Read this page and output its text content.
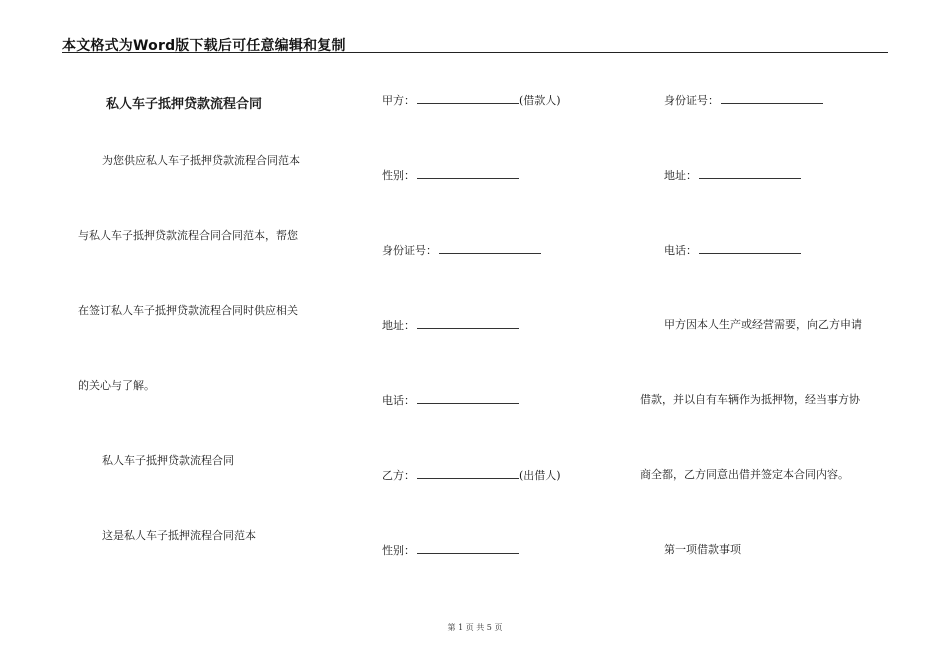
本文格式为Word版下载后可任意编辑和复制
私人车子抵押贷款流程合同
为您供应私人车子抵押贷款流程合同范本
与私人车子抵押贷款流程合同合同范本，帮您
在签订私人车子抵押贷款流程合同时供应相关
的关心与了解。
私人车子抵押贷款流程合同
这是私人车子抵押流程合同范本
甲方：	(借款人)
性别：
身份证号：
地址：
电话：
乙方：	(出借人)
性别：
身份证号：
地址：
电话：
甲方因本人生产或经营需要，向乙方申请
借款，并以自有车辆作为抵押物，经当事方协
商全都，乙方同意出借并签定本合同内容。
第一项借款事项
第 1 页 共 5 页
